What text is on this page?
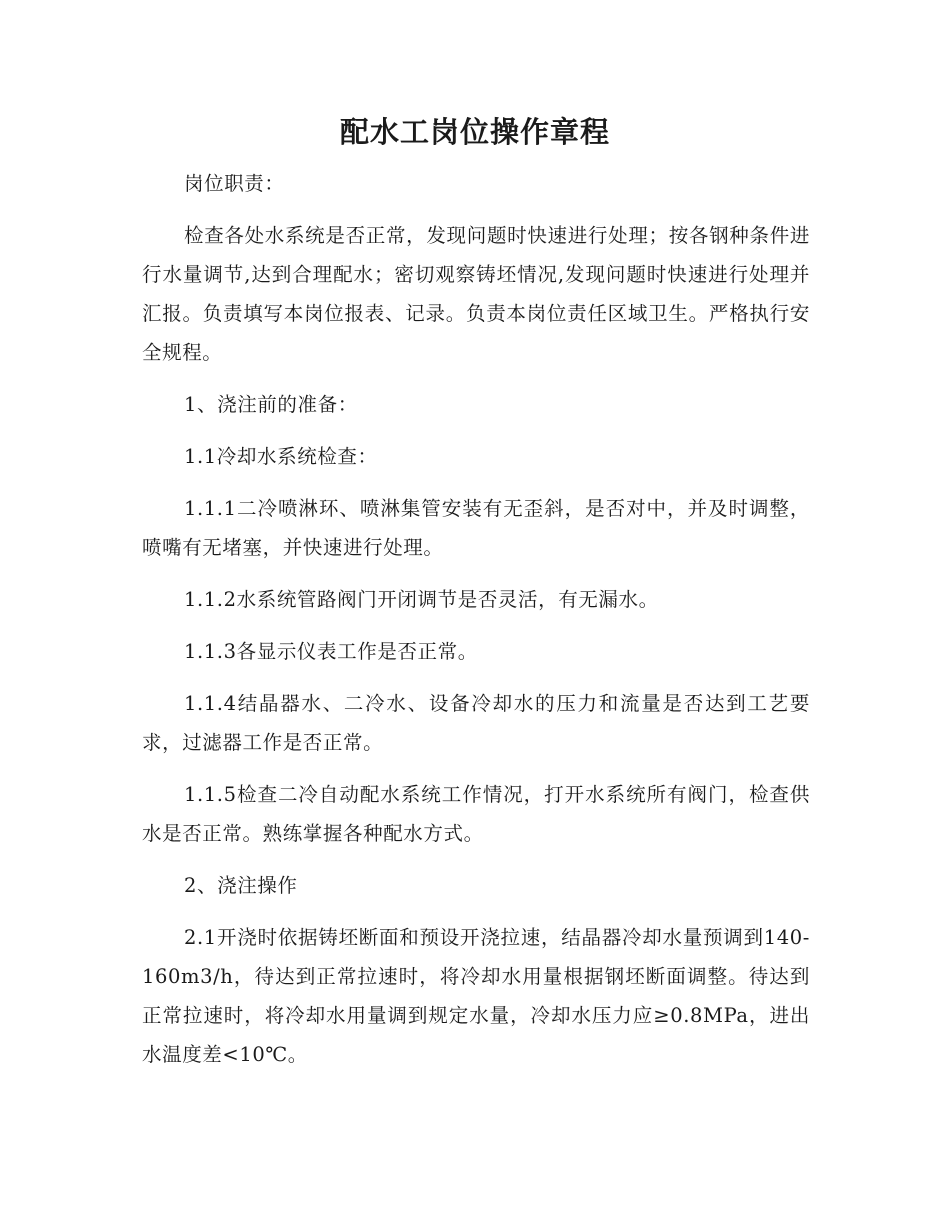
配水工岗位操作章程

岗位职责：

检查各处水系统是否正常，发现问题时快速进行处理；按各钢种条件进行水量调节,达到合理配水；密切观察铸坯情况,发现问题时快速进行处理并汇报。负责填写本岗位报表、记录。负责本岗位责任区域卫生。严格执行安全规程。

1、浇注前的准备：

1.1冷却水系统检查：

1.1.1二冷喷淋环、喷淋集管安装有无歪斜，是否对中，并及时调整，喷嘴有无堵塞，并快速进行处理。

1.1.2水系统管路阀门开闭调节是否灵活，有无漏水。

1.1.3各显示仪表工作是否正常。

1.1.4结晶器水、二冷水、设备冷却水的压力和流量是否达到工艺要求，过滤器工作是否正常。

1.1.5检查二冷自动配水系统工作情况，打开水系统所有阀门，检查供水是否正常。熟练掌握各种配水方式。

2、浇注操作

2.1开浇时依据铸坯断面和预设开浇拉速，结晶器冷却水量预调到140-160m3/h，待达到正常拉速时，将冷却水用量根据钢坯断面调整。待达到正常拉速时，将冷却水用量调到规定水量，冷却水压力应≥0.8MPa，进出水温度差<10℃。
